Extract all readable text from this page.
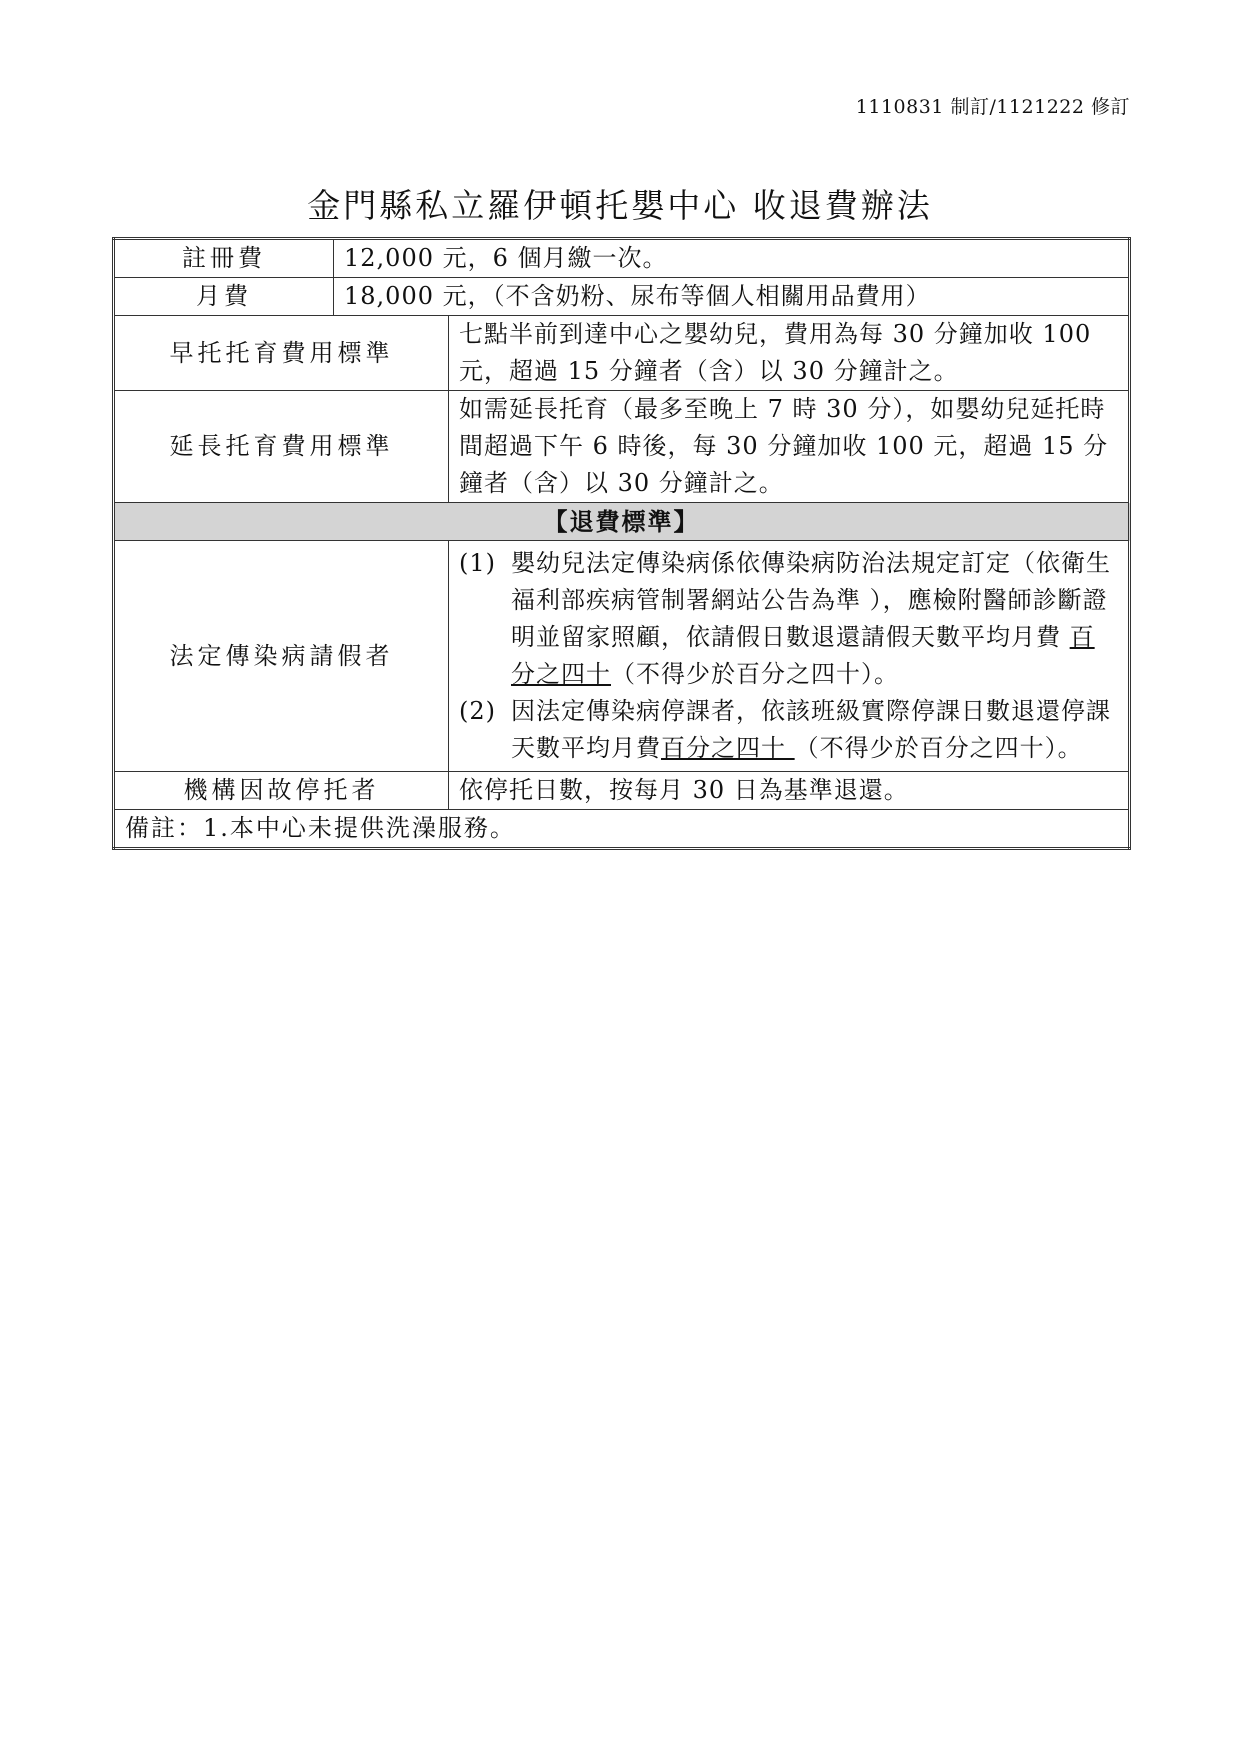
1110831 制訂/1121222 修訂
金門縣私立羅伊頓托嬰中心 收退費辦法
註冊費	12,000 元，6 個月繳一次。	
月費	18,000 元，（不含奶粉、尿布等個人相關用品費用）	
早托托育費用標準		七點半前到達中心之嬰幼兒，費用為每 30 分鐘加收 100 元，超過 15 分鐘者（含）以 30 分鐘計之。
延長托育費用標準		如需延長托育（最多至晚上 7 時 30 分），如嬰幼兒延托時間超過下午 6 時後，每 30 分鐘加收 100 元，超過 15 分鐘者（含）以 30 分鐘計之。
【退費標準】		
法定傳染病請假者		(1) 嬰幼兒法定傳染病係依傳染病防治法規定訂定（依衛生福利部疾病管制署網站公告為準 ），應檢附醫師診斷證明並留家照顧，依請假日數退還請假天數平均月費 百分之四十（不得少於百分之四十）。
(2) 因法定傳染病停課者，依該班級實際停課日數退還停課天數平均月費百分之四十 （不得少於百分之四十）。

機構因故停托者		依停托日數，按每月 30 日為基準退還。
備註：1.本中心未提供洗澡服務。		
